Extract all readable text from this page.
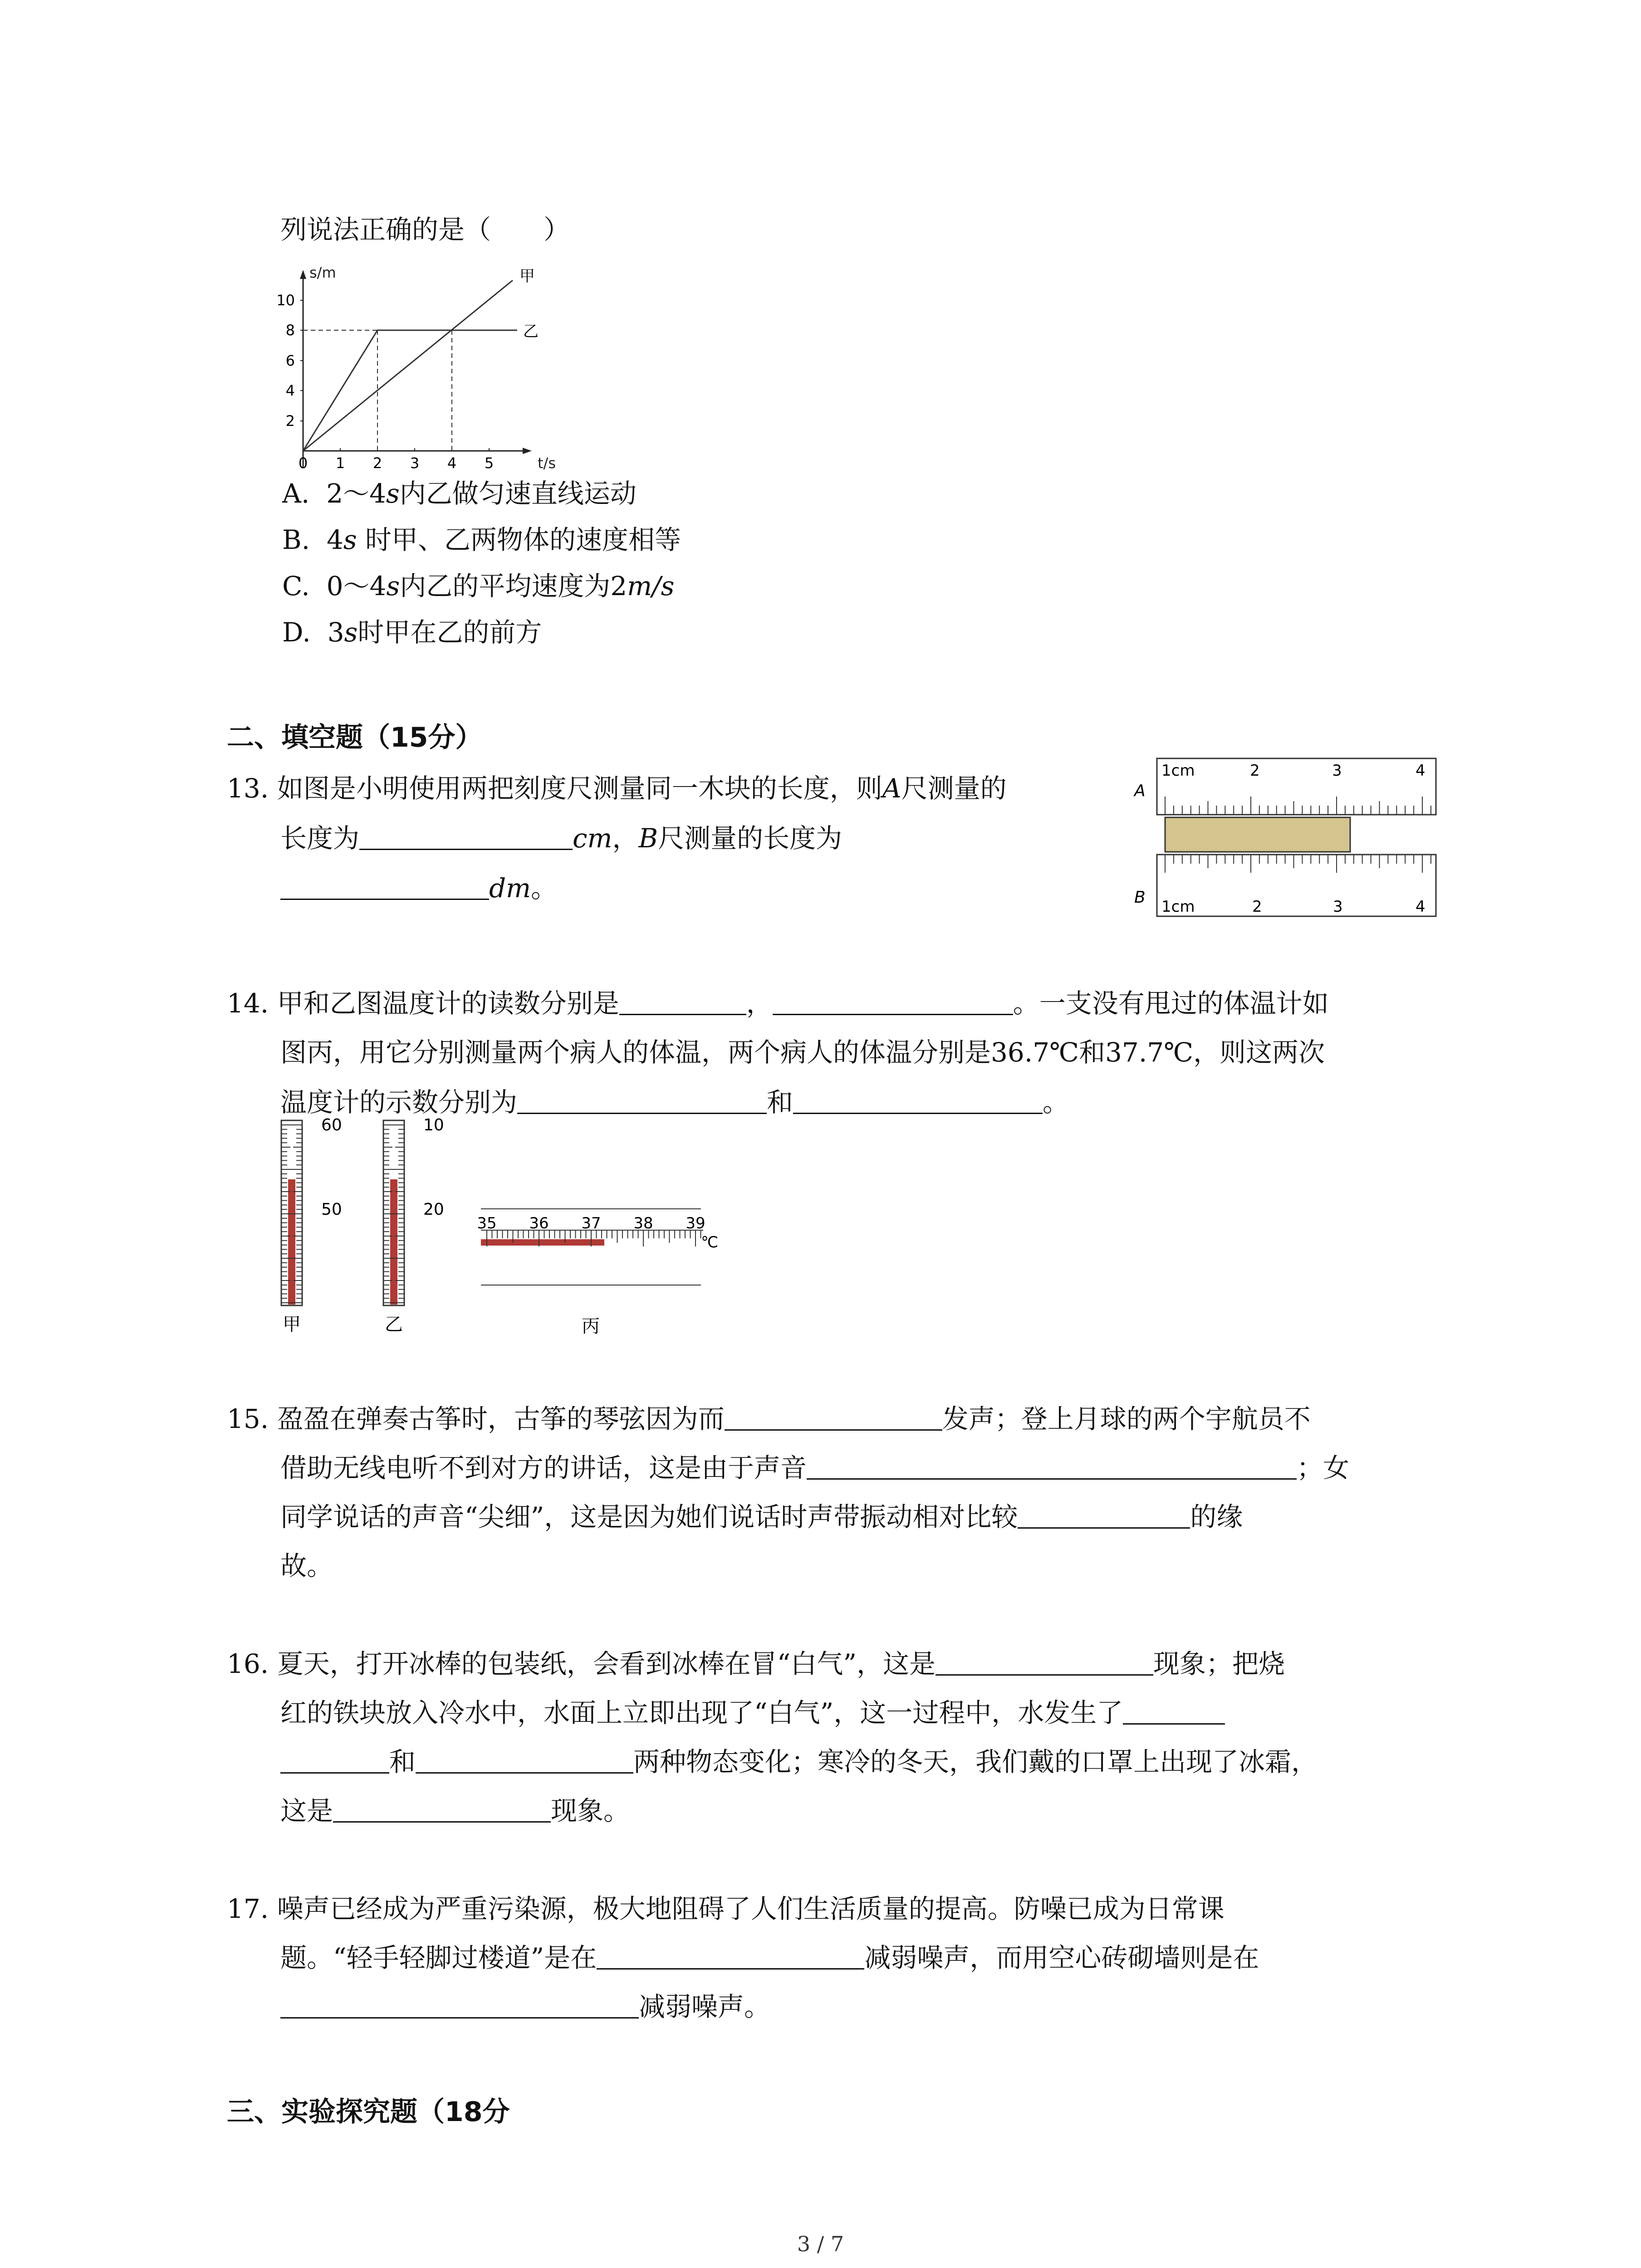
列说法正确的是（　　）
s/m
t/s
10
8
6
4
2
0 1 2 3 4 5
甲
乙
A. 2～4s内乙做匀速直线运动
B. 4s 时甲、乙两物体的速度相等
C. 0～4s内乙的平均速度为2m/s
D. 3s时甲在乙的前方
二、填空题（15分）
13. 如图是小明使用两把刻度尺测量同一木块的长度，则A尺测量的
长度为	cm，B尺测量的长度为
dm。
A
B
1cm	2	3	4
1cm	2	3	4
14. 甲和乙图温度计的读数分别是	，	。一支没有甩过的体温计如
图丙，用它分别测量两个病人的体温，两个病人的体温分别是36.7℃和37.7℃，则这两次
温度计的示数分别为	和	。
60
50
甲
10
20
乙
35 36 37 38 39
℃
丙
15. 盈盈在弹奏古筝时，古筝的琴弦因为而	发声；登上月球的两个宇航员不
借助无线电听不到对方的讲话，这是由于声音	；女
同学说话的声音“尖细”，这是因为她们说话时声带振动相对比较	的缘
故。
16. 夏天，打开冰棒的包装纸，会看到冰棒在冒“白气”，这是	现象；把烧
红的铁块放入冷水中，水面上立即出现了“白气”，这一过程中，水发生了
和	两种物态变化；寒冷的冬天，我们戴的口罩上出现了冰霜，
这是	现象。
17. 噪声已经成为严重污染源，极大地阻碍了人们生活质量的提高。防噪已成为日常课
题。“轻手轻脚过楼道”是在	减弱噪声，而用空心砖砌墙则是在
减弱噪声。
三、实验探究题（18分
3 / 7
